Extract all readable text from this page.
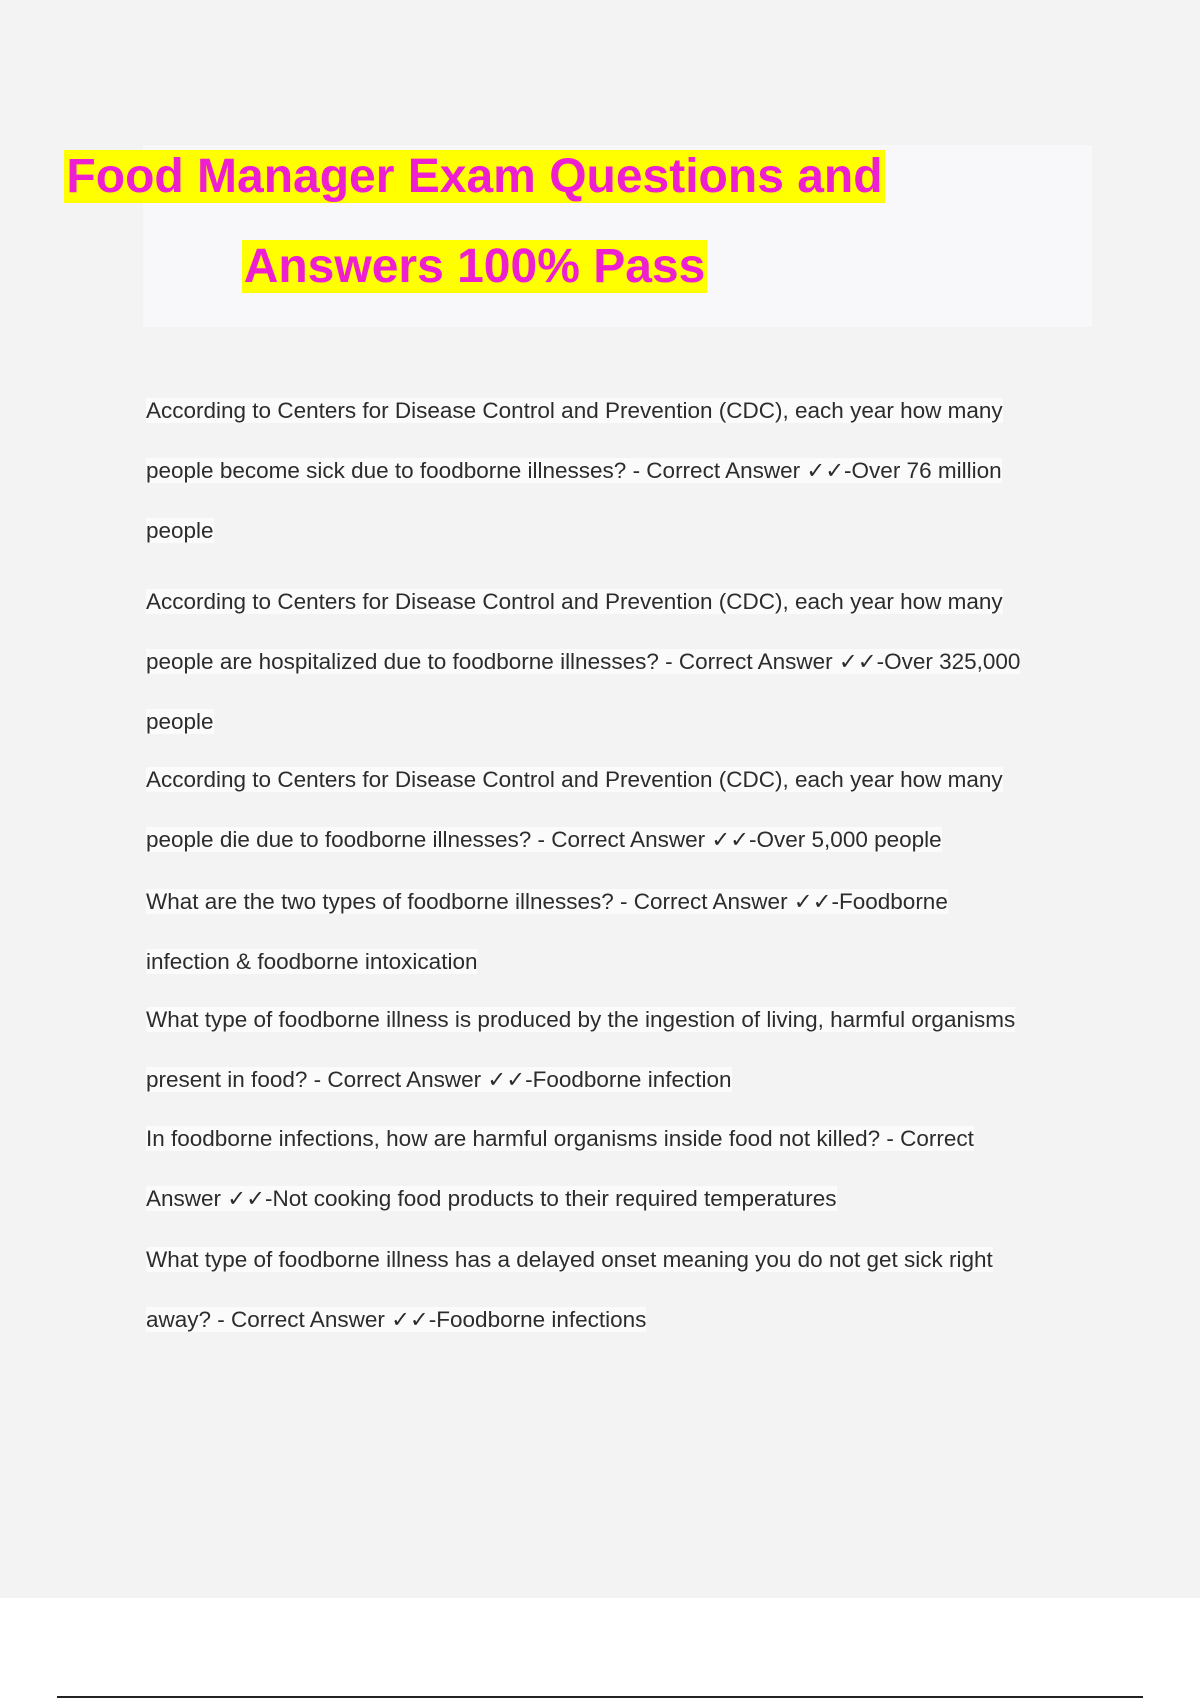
Food Manager Exam Questions and
Answers 100% Pass
According to Centers for Disease Control and Prevention (CDC), each year how many
people become sick due to foodborne illnesses? - Correct Answer ✓✓-Over 76 million
people
According to Centers for Disease Control and Prevention (CDC), each year how many
people are hospitalized due to foodborne illnesses? - Correct Answer ✓✓-Over 325,000
people
According to Centers for Disease Control and Prevention (CDC), each year how many
people die due to foodborne illnesses? - Correct Answer ✓✓-Over 5,000 people
What are the two types of foodborne illnesses? - Correct Answer ✓✓-Foodborne
infection & foodborne intoxication
What type of foodborne illness is produced by the ingestion of living, harmful organisms
present in food? - Correct Answer ✓✓-Foodborne infection
In foodborne infections, how are harmful organisms inside food not killed? - Correct
Answer ✓✓-Not cooking food products to their required temperatures
What type of foodborne illness has a delayed onset meaning you do not get sick right
away? - Correct Answer ✓✓-Foodborne infections
